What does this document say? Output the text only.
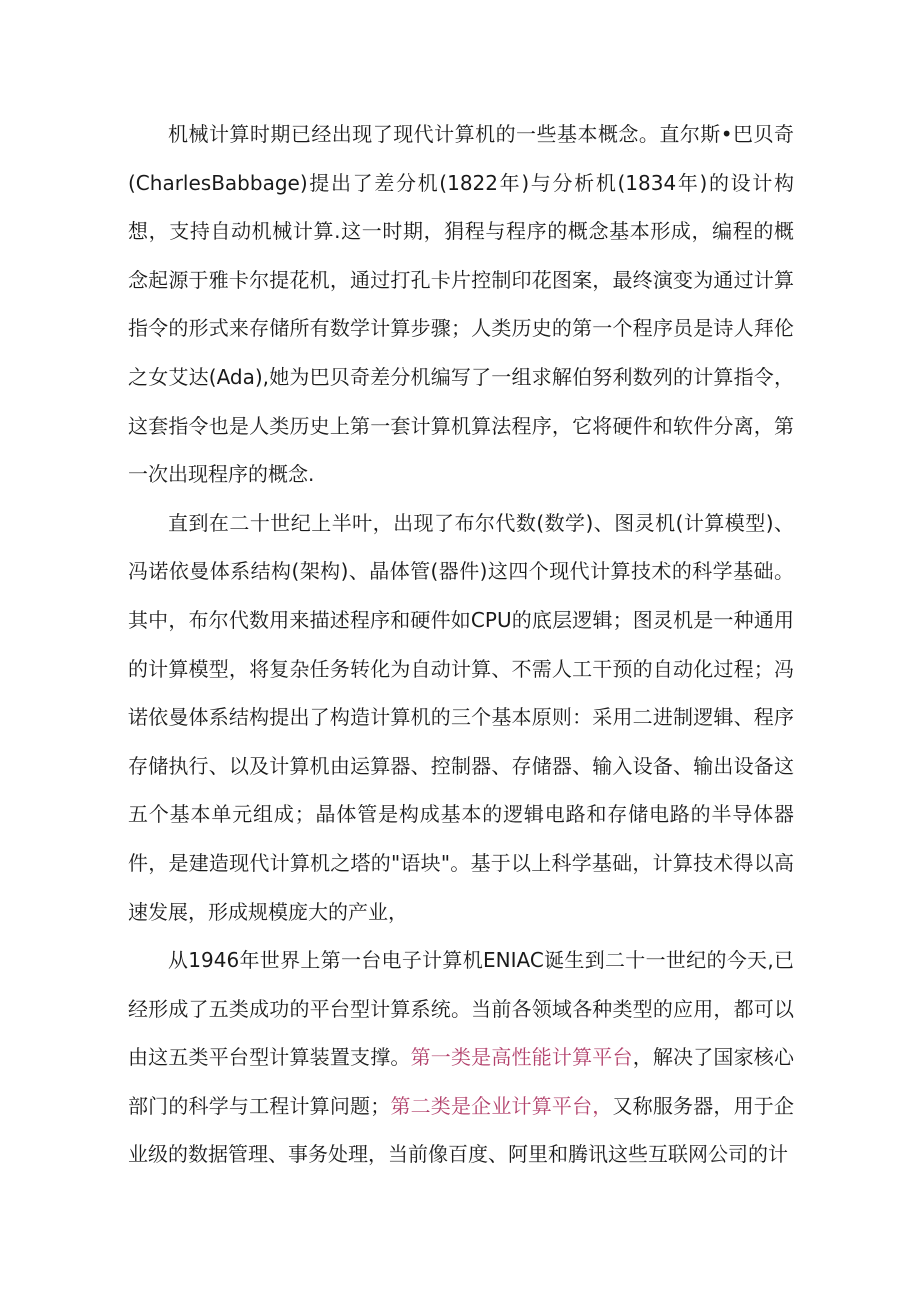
机械计算时期已经出现了现代计算机的一些基本概念。直尔斯•巴贝奇(CharlesBabbage)提出了差分机(1822年)与分析机(1834年)的设计构想，支持自动机械计算.这一时期，狷程与程序的概念基本形成，编程的概念起源于雅卡尔提花机，通过打孔卡片控制印花图案，最终演变为通过计算指令的形式来存储所有数学计算步骤；人类历史的第一个程序员是诗人拜伦之女艾达(Ada),她为巴贝奇差分机编写了一组求解伯努利数列的计算指令，这套指令也是人类历史上第一套计算机算法程序，它将硬件和软件分离，第一次出现程序的概念.

直到在二十世纪上半叶，出现了布尔代数(数学)、图灵机(计算模型)、冯诺依曼体系结构(架构)、晶体管(器件)这四个现代计算技术的科学基础。其中，布尔代数用来描述程序和硬件如CPU的底层逻辑；图灵机是一种通用的计算模型，将复杂任务转化为自动计算、不需人工干预的自动化过程；冯诺依曼体系结构提出了构造计算机的三个基本原则：采用二进制逻辑、程序存储执行、以及计算机由运算器、控制器、存储器、输入设备、输出设备这五个基本单元组成；晶体管是构成基本的逻辑电路和存储电路的半导体器件，是建造现代计算机之塔的"语块"。基于以上科学基础，计算技术得以高速发展，形成规模庞大的产业，

从1946年世界上第一台电子计算机ENIAC诞生到二十一世纪的今天,已经形成了五类成功的平台型计算系统。当前各领域各种类型的应用，都可以由这五类平台型计算装置支撑。第一类是高性能计算平台，解决了国家核心部门的科学与工程计算问题；第二类是企业计算平台，又称服务器，用于企业级的数据管理、事务处理，当前像百度、阿里和腾讯这些互联网公司的计
